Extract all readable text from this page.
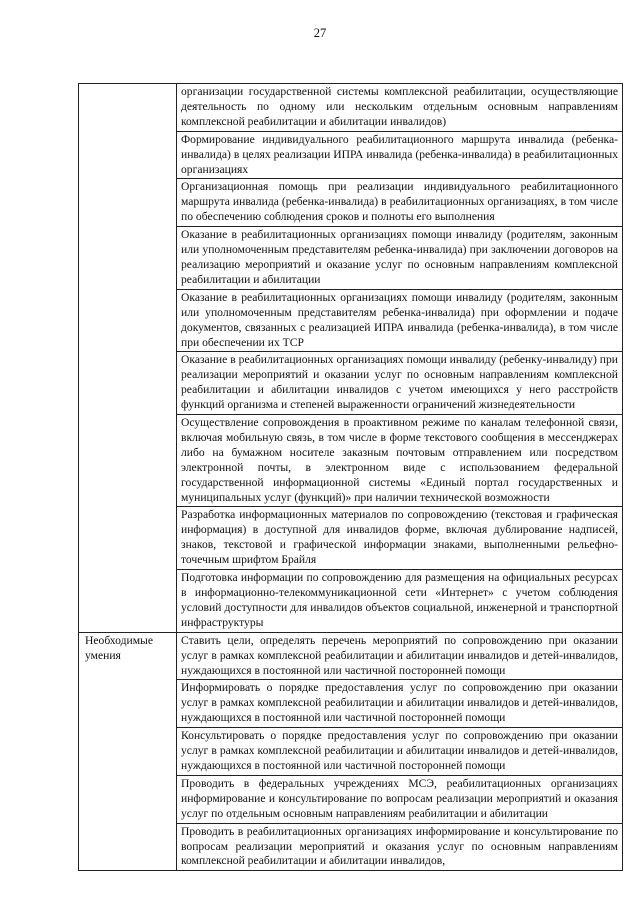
27
	организации государственной системы комплексной реабилитации, осуществляющие деятельность по одному или нескольким отдельным основным направлениям комплексной реабилитации и абилитации инвалидов)
	Формирование индивидуального реабилитационного маршрута инвалида (ребенка-инвалида) в целях реализации ИПРА инвалида (ребенка-инвалида) в реабилитационных организациях
	Организационная помощь при реализации индивидуального реабилитационного маршрута инвалида (ребенка-инвалида) в реабилитационных организациях, в том числе по обеспечению соблюдения сроков и полноты его выполнения
	Оказание в реабилитационных организациях помощи инвалиду (родителям, законным или уполномоченным представителям ребенка-инвалида) при заключении договоров на реализацию мероприятий и оказание услуг по основным направлениям комплексной реабилитации и абилитации
	Оказание в реабилитационных организациях помощи инвалиду (родителям, законным или уполномоченным представителям ребенка-инвалида) при оформлении и подаче документов, связанных с реализацией ИПРА инвалида (ребенка-инвалида), в том числе при обеспечении их ТСР
	Оказание в реабилитационных организациях помощи инвалиду (ребенку-инвалиду) при реализации мероприятий и оказании услуг по основным направлениям комплексной реабилитации и абилитации инвалидов с учетом имеющихся у него расстройств функций организма и степеней выраженности ограничений жизнедеятельности
	Осуществление сопровождения в проактивном режиме по каналам телефонной связи, включая мобильную связь, в том числе в форме текстового сообщения в мессенджерах либо на бумажном носителе заказным почтовым отправлением или посредством электронной почты, в электронном виде с использованием федеральной государственной информационной системы «Единый портал государственных и муниципальных услуг (функций)» при наличии технической возможности
	Разработка информационных материалов по сопровождению (текстовая и графическая информация) в доступной для инвалидов форме, включая дублирование надписей, знаков, текстовой и графической информации знаками, выполненными рельефно-точечным шрифтом Брайля
	Подготовка информации по сопровождению для размещения на официальных ресурсах в информационно-телекоммуникационной сети «Интернет» с учетом соблюдения условий доступности для инвалидов объектов социальной, инженерной и транспортной инфраструктуры
Необходимые умения	Ставить цели, определять перечень мероприятий по сопровождению при оказании услуг в рамках комплексной реабилитации и абилитации инвалидов и детей-инвалидов, нуждающихся в постоянной или частичной посторонней помощи
	Информировать о порядке предоставления услуг по сопровождению при оказании услуг в рамках комплексной реабилитации и абилитации инвалидов и детей-инвалидов, нуждающихся в постоянной или частичной посторонней помощи
	Консультировать о порядке предоставления услуг по сопровождению при оказании услуг в рамках комплексной реабилитации и абилитации инвалидов и детей-инвалидов, нуждающихся в постоянной или частичной посторонней помощи
	Проводить в федеральных учреждениях МСЭ, реабилитационных организациях информирование и консультирование по вопросам реализации мероприятий и оказания услуг по отдельным основным направлениям реабилитации и абилитации
	Проводить в реабилитационных организациях информирование и консультирование по вопросам реализации мероприятий и оказания услуг по основным направлениям комплексной реабилитации и абилитации инвалидов,
